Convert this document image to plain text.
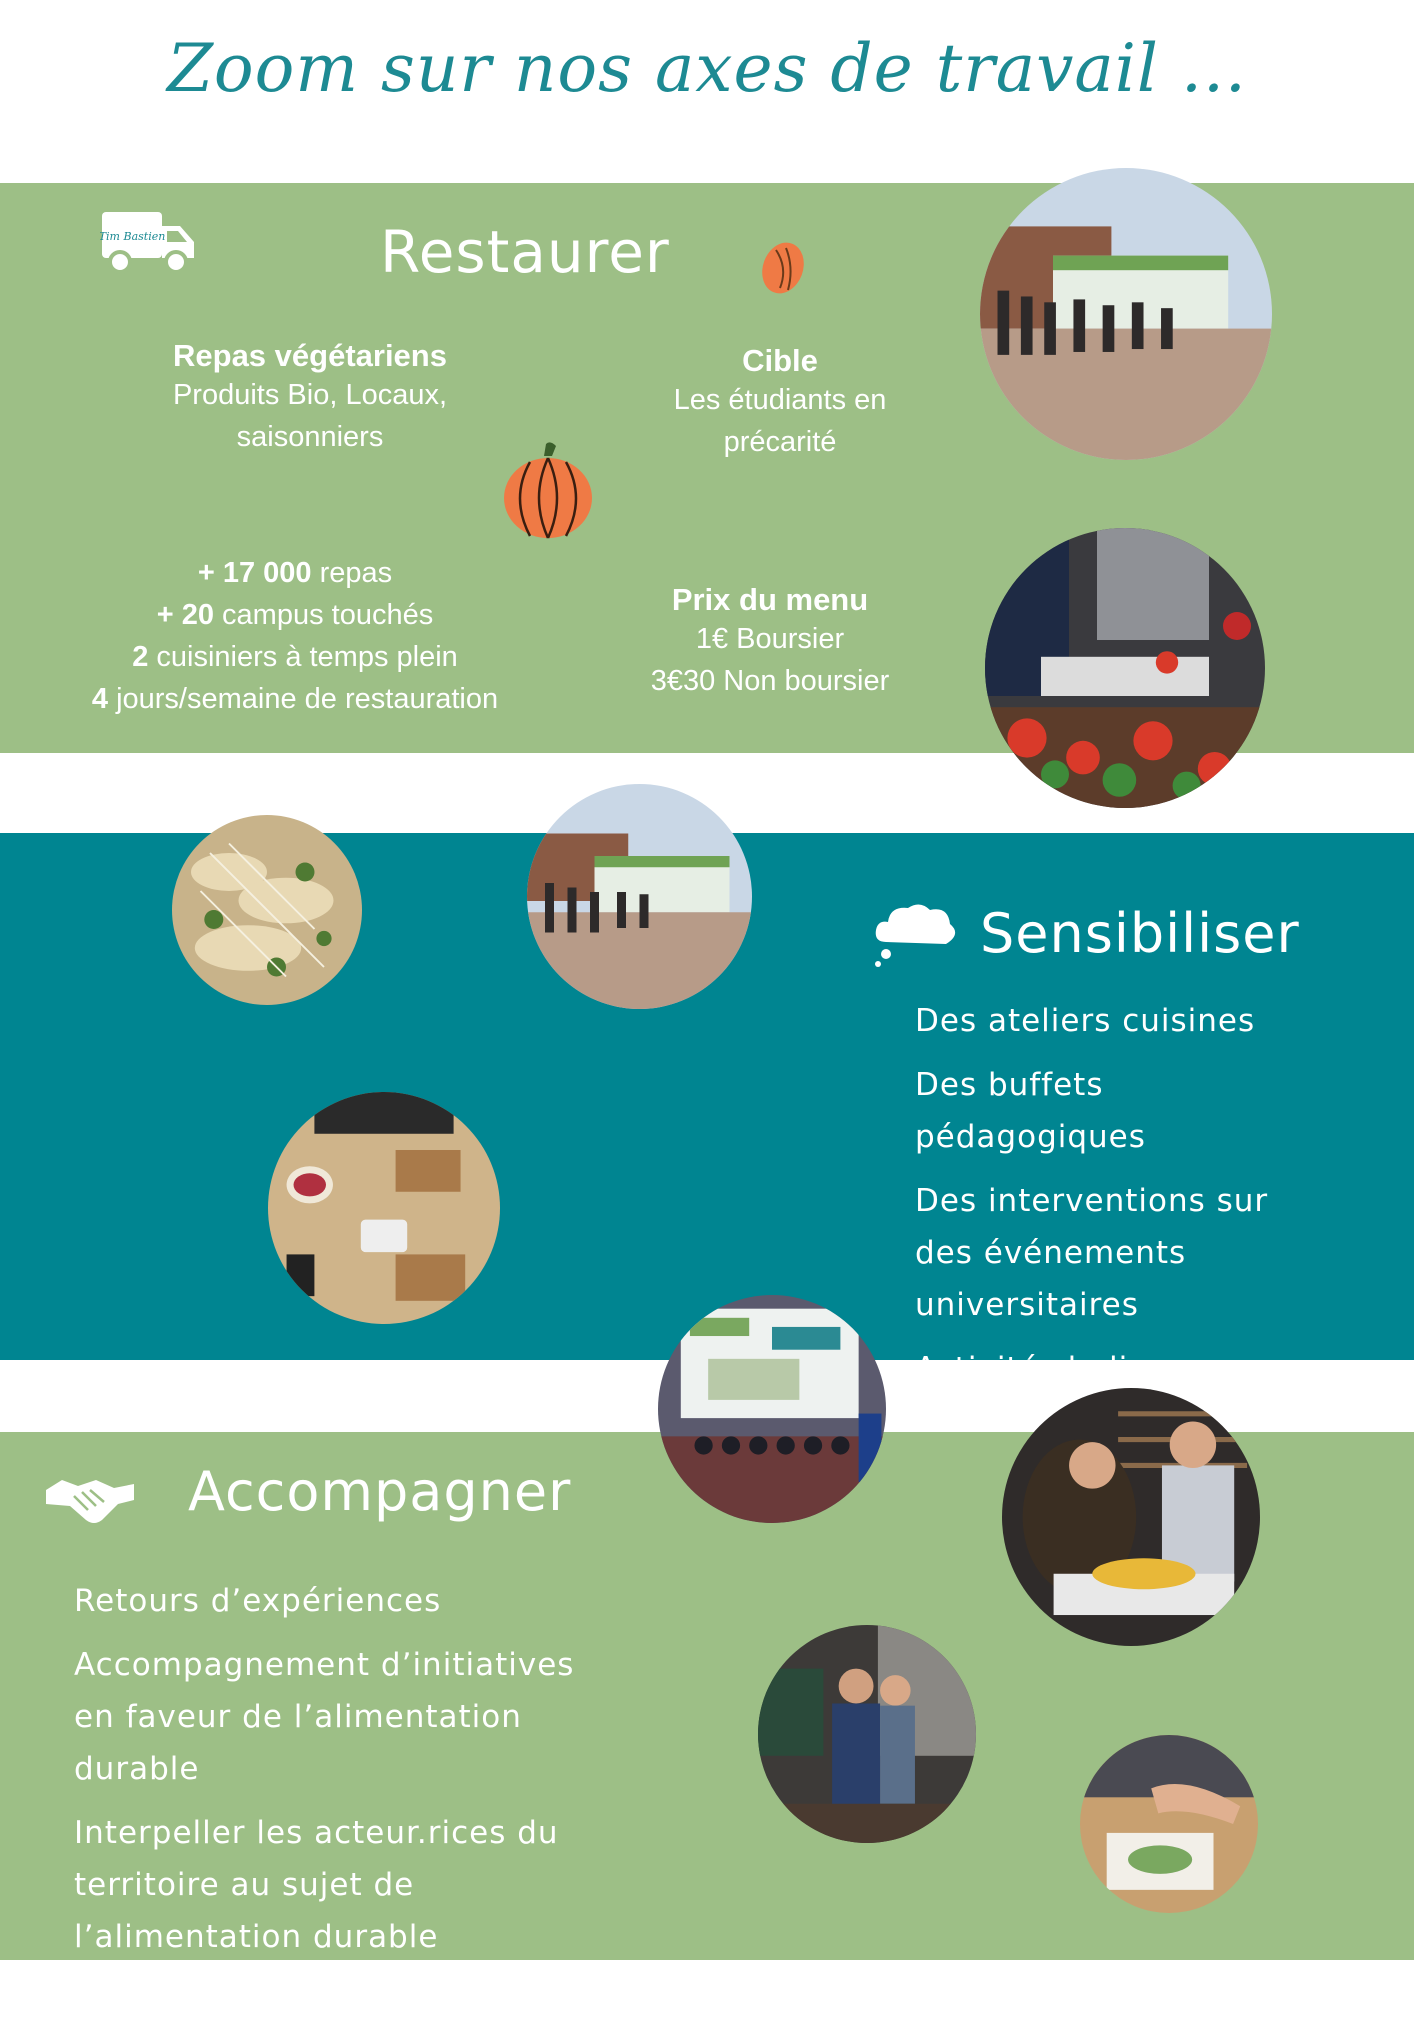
Zoom sur nos axes de travail ...
Tim Bastien	Restaurer
Repas végétariens
Produits Bio, Locaux,
saisonniers
Cible
Les étudiants en
précarité
+ 17 000 repas
+ 20 campus touchés
2 cuisiniers à temps plein
4 jours/semaine de restauration
Prix du menu
1€ Boursier
3€30 Non boursier
Sensibiliser

Des ateliers cuisines

Des buffets pédagogiques

Des interventions sur des événements universitaires

Activités ludiques

Accompagner

Retours d’expériences

Accompagnement d’initiatives en faveur de l’alimentation durable

Interpeller les acteur.rices du territoire au sujet de l’alimentation durable étudiante
